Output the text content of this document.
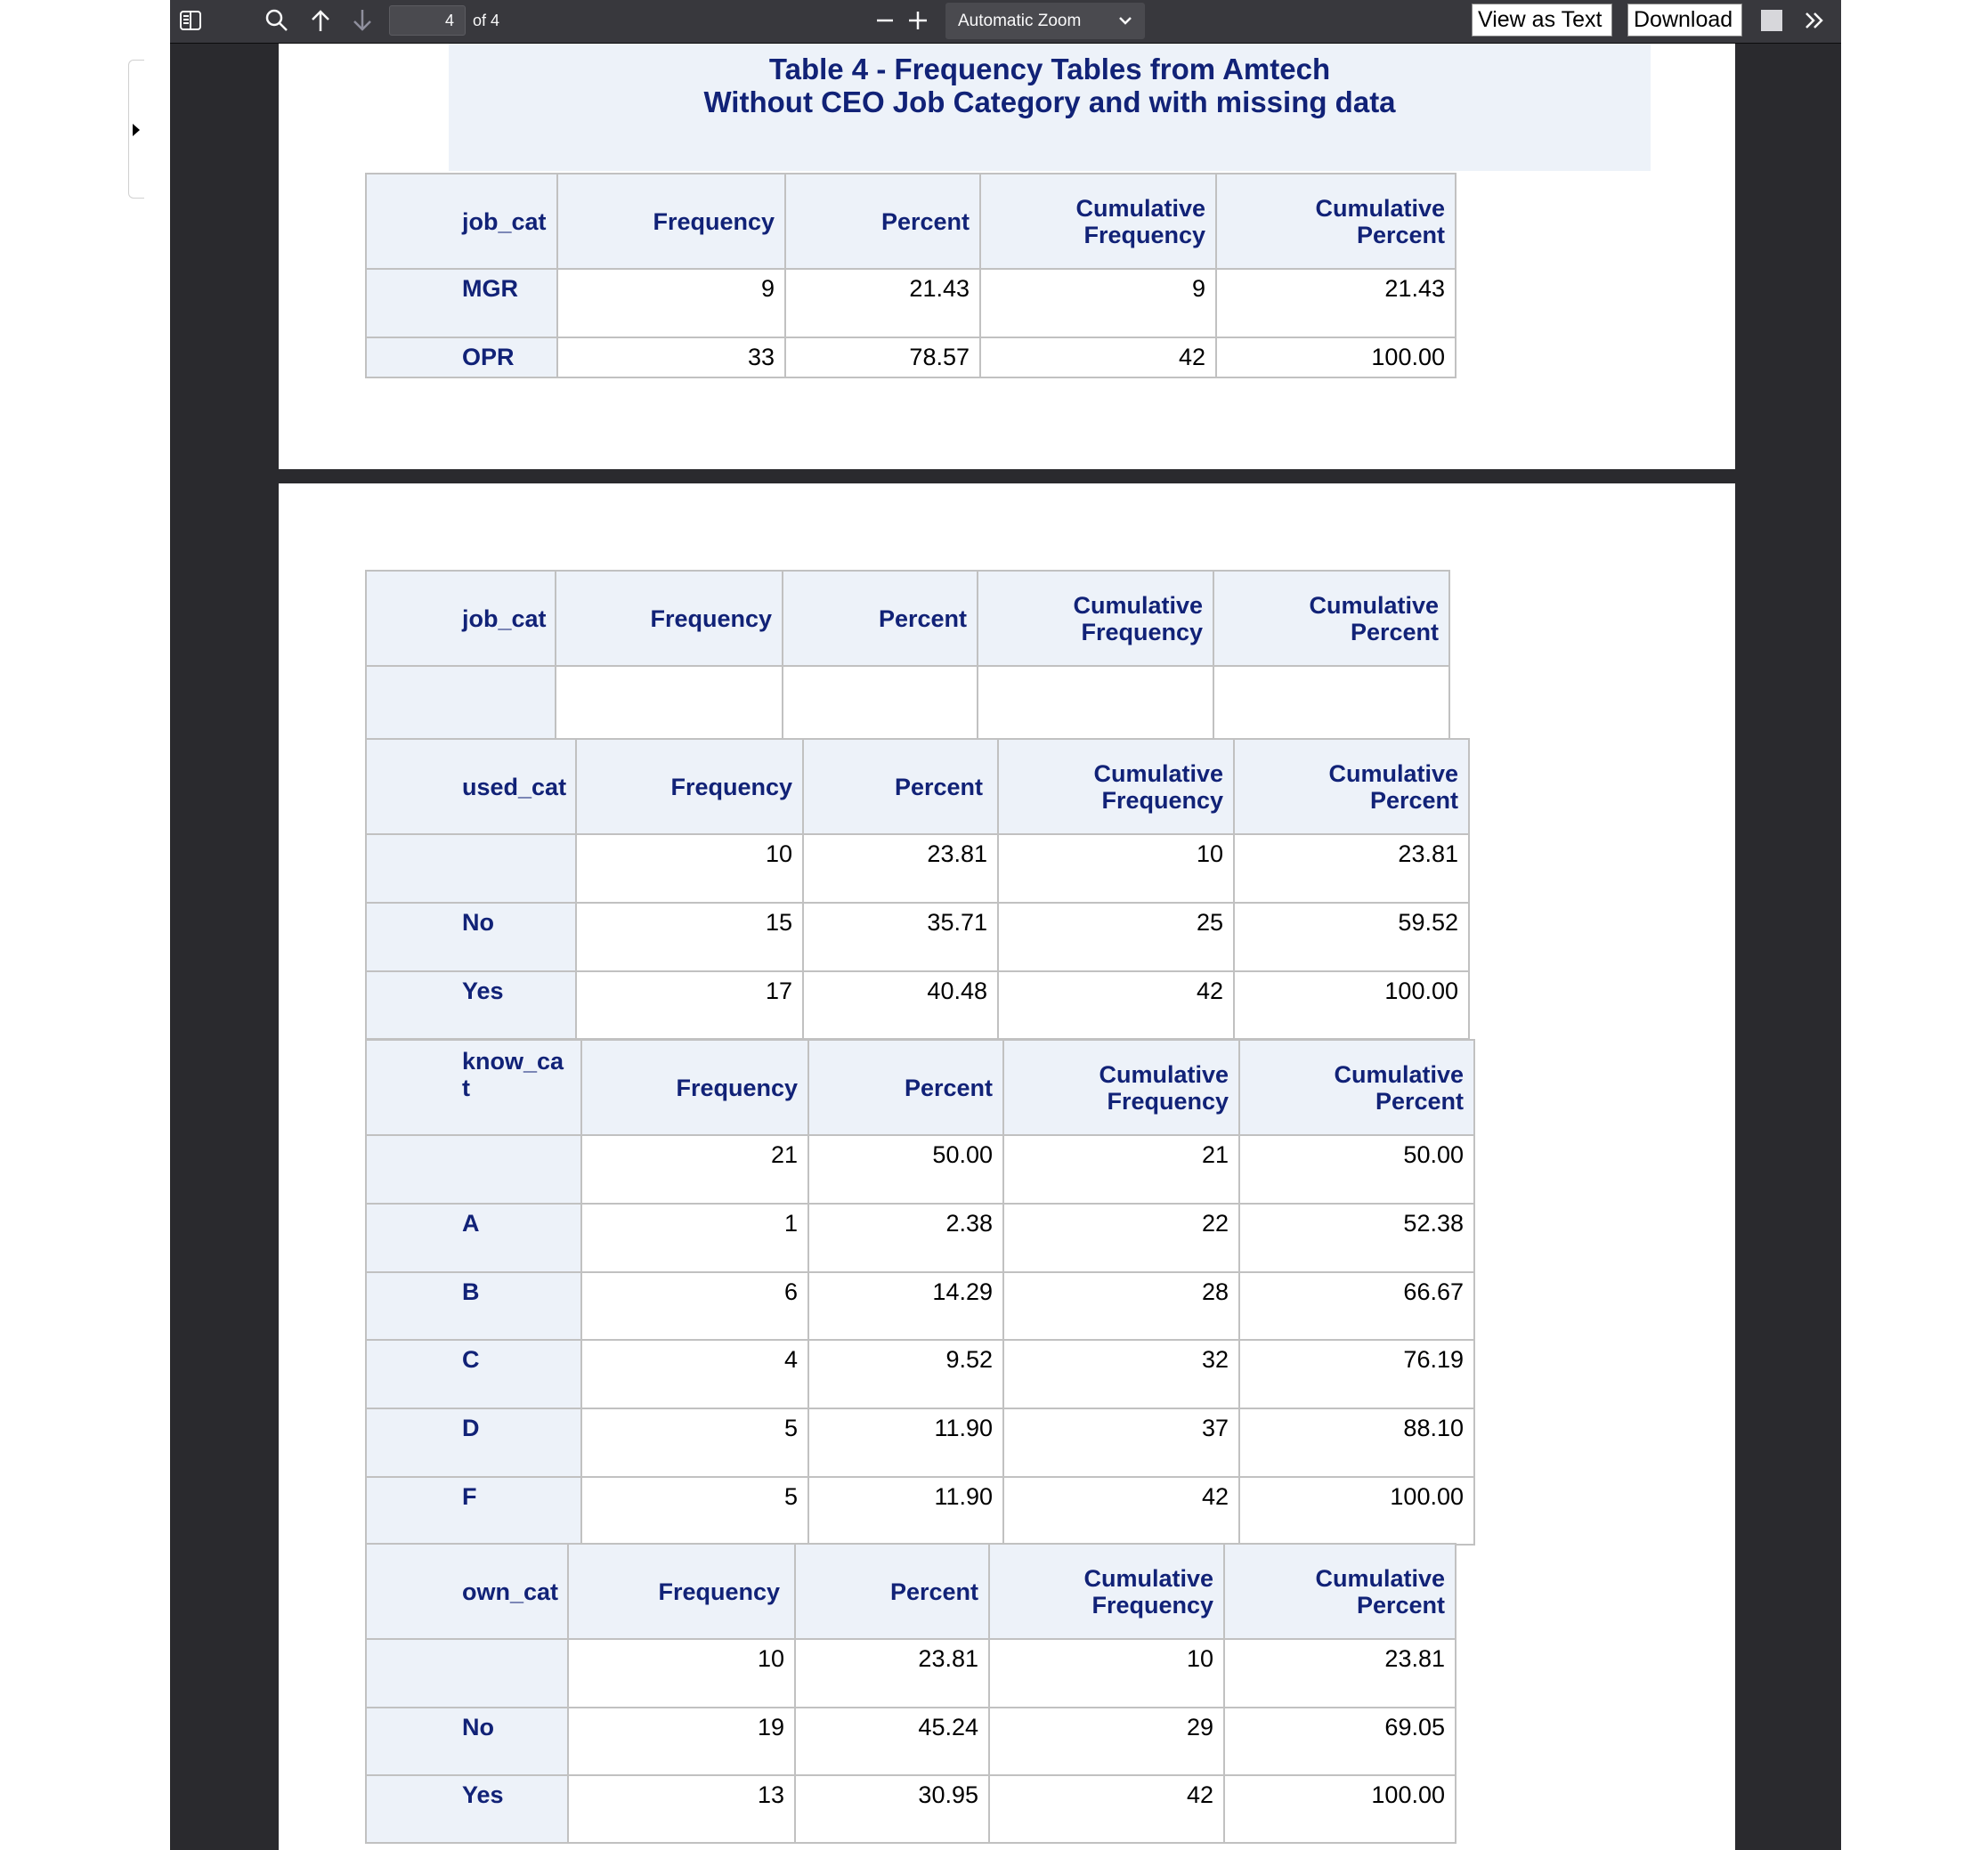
4	of 4	Automatic Zoom	View as Text	Download
Table 4 - Frequency Tables from Amtech
Without CEO Job Category and with missing data
job_cat	Frequency	Percent	Cumulative Frequency	Cumulative Percent
MGR	9	21.43	9	21.43
OPR	33	78.57	42	100.00
job_cat	Frequency	Percent	Cumulative Frequency	Cumulative Percent

used_cat	Frequency	Percent	Cumulative Frequency	Cumulative Percent
	10	23.81	10	23.81
No	15	35.71	25	59.52
Yes	17	40.48	42	100.00
know_cat	Frequency	Percent	Cumulative Frequency	Cumulative Percent
	21	50.00	21	50.00
A	1	2.38	22	52.38
B	6	14.29	28	66.67
C	4	9.52	32	76.19
D	5	11.90	37	88.10
F	5	11.90	42	100.00
own_cat	Frequency	Percent	Cumulative Frequency	Cumulative Percent
	10	23.81	10	23.81
No	19	45.24	29	69.05
Yes	13	30.95	42	100.00
